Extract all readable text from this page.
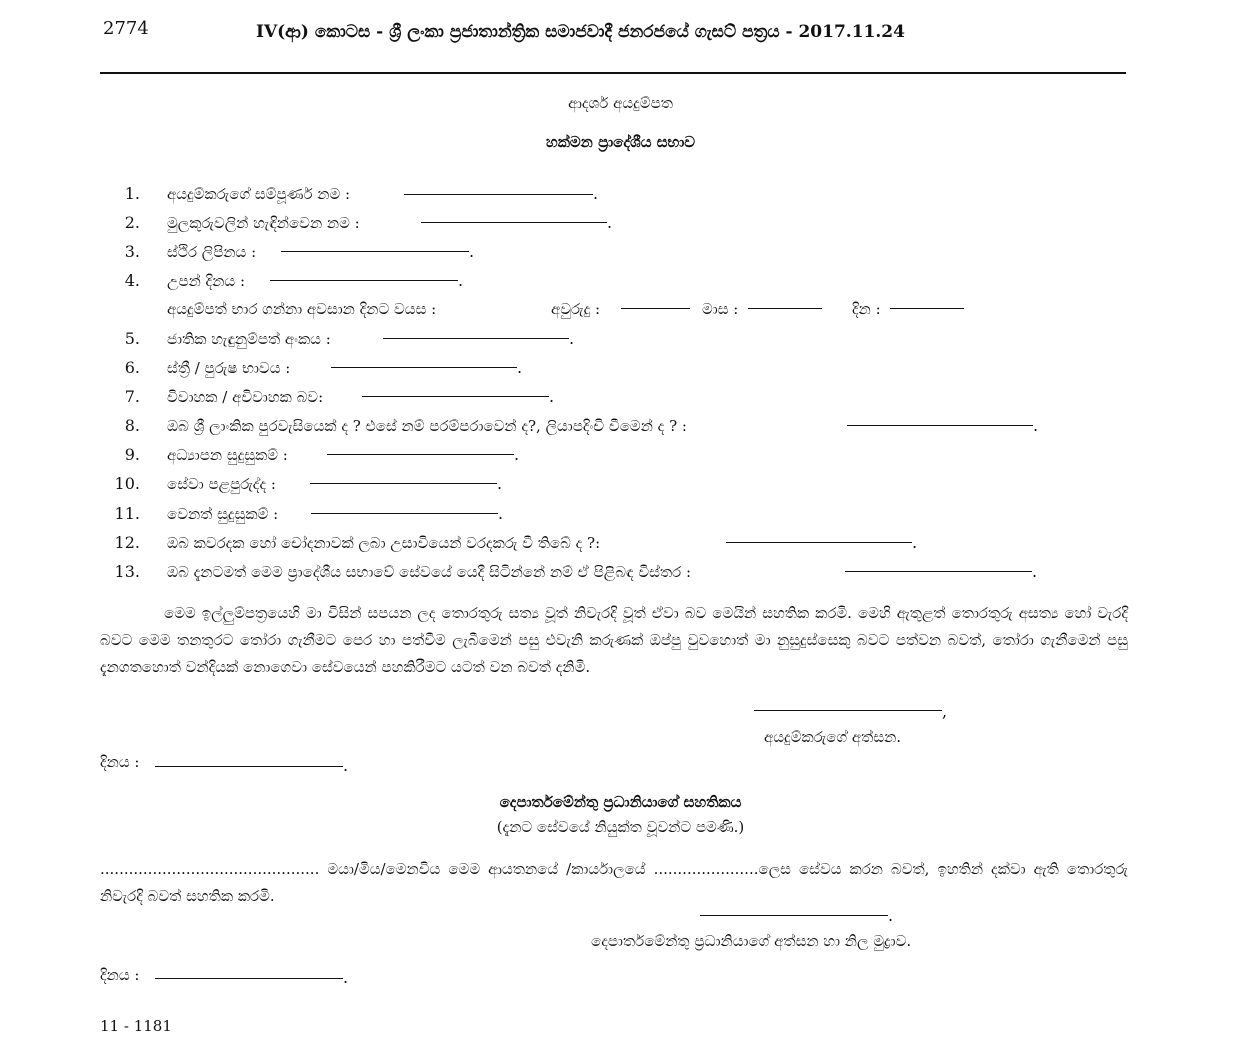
2774	IV(ආ) කොටස - ශ්‍රී ලංකා ප්‍රජාතාන්ත්‍රික සමාජවාදී ජනරජයේ ගැසට් පත්‍රය - 2017.11.24
ආදර්ශ අයදුම්පත
හක්මන ප්‍රාදේශීය සභාව
1. අයදුම්කරුගේ සම්පූර්ණ නම :	.
2. මුලකුරුවලින් හැඳින්වෙන නම :	.
3. ස්ථිර ලිපිනය :	.
4. උපන් දිනය :	.
අයදුම්පත් භාර ගන්නා අවසාන දිනට වයස :	අවුරුදු :	මාස :	දින :
5. ජාතික හැඳුනුම්පත් අංකය :	.
6. ස්ත්‍රී / පුරුෂ භාවය :	.
7. විවාහක / අවිවාහක බව:	.
8. ඔබ ශ්‍රී ලාංකික පුරවැසියෙක් ද ? එසේ නම් පරම්පරාවෙන් ද?, ලියාපදිංචි වීමෙන් ද ? :	.
9. අධ්‍යාපන සුදුසුකම් :	.
10. සේවා පළපුරුද්ද :	.
11. වෙනත් සුදුසුකම් :	.
12. ඔබ කවරදක හෝ චෝදනාවක් ලබා උසාවියෙන් වරදකරු වී තිබේ ද ?:	.
13. ඔබ දැනටමත් මෙම ප්‍රාදේශීය සභාවේ සේවයේ යෙදී සිටින්නේ නම් ඒ පිළිබඳ විස්තර :	.
මෙම ඉල්ලුම්පත්‍රයෙහි මා විසින් සපයන ලද තොරතුරු සත්‍ය වූත් නිවැරදි වූත් ඒවා බව මෙයින් සහතික කරමි. මෙහි ඇතුළත් තොරතුරු අසත්‍ය හෝ වැරදි බවට මෙම තනතුරට තෝරා ගැනීමට පෙර හා පත්වීම ලැබීමෙන් පසු එවැනි කරුණක් ඔප්පු වුවහොත් මා නුසුදුස්සෙකු බවට පත්වන බවත්, තෝරා ගැනීමෙන් පසු දැනගතහොත් වන්දියක් නොගෙවා සේවයෙන් පහකිරීමට යටත් වන බවත් දනිමි.
,
අයදුම්කරුගේ අත්සන.
දිනය :	.
දෙපාර්තමේන්තු ප්‍රධානියාගේ සහතිකය
(දැනට සේවයේ නියුක්ත වූවන්ට පමණි.)
.............................................. මයා/මිය/මෙනවිය මෙම ආයතනයේ /කාර්යාලයේ ......................ලෙස සේවය කරන බවත්, ඉහතින් දක්වා ඇති තොරතුරු නිවැරදි බවත් සහතික කරමි.
.
දෙපාර්තමේන්තු ප්‍රධානියාගේ අත්සන හා නිල මුද්‍රාව.
දිනය :	.
11 - 1181
